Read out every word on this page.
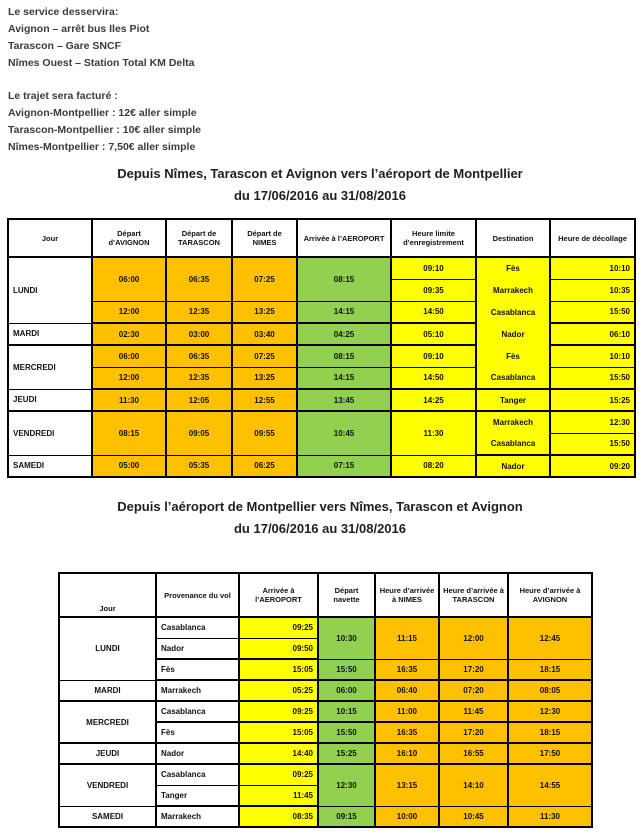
Le service desservira:

Avignon – arrêt bus Iles Piot

Tarascon – Gare SNCF

Nîmes Ouest – Station Total KM Delta

Le trajet sera facturé :

Avignon-Montpellier : 12€ aller simple

Tarascon-Montpellier : 10€ aller simple

Nîmes-Montpellier : 7,50€ aller simple

Depuis Nîmes, Tarascon et Avignon vers l’aéroport de Montpellier
du 17/06/2016 au 31/08/2016
Jour	Départ d’AVIGNON	Départ de TARASCON	Départ de NIMES	Arrivée à l’AEROPORT	Heure limite d’enregistrement	Destination	Heure de décollage
LUNDI	06:00	06:35	07:25	08:15	09:10	Fès	10:10
					09:35	Marrakech	10:35
	12:00	12:35	13:25	14:15	14:50	Casablanca	15:50
MARDI	02:30	03:00	03:40	04:25	05:10	Nador	06:10
MERCREDI	06:00	06:35	07:25	08:15	09:10	Fès	10:10
	12:00	12:35	13:25	14:15	14:50	Casablanca	15:50
JEUDI	11:30	12:05	12:55	13:45	14:25	Tanger	15:25
VENDREDI	08:15	09:05	09:55	10:45	11:30	Marrakech	12:30
						Casablanca	15:50
SAMEDI	05:00	05:35	06:25	07:15	08:20	Nador	09:20
Depuis l’aéroport de Montpellier vers Nîmes, Tarascon et Avignon
du 17/06/2016 au 31/08/2016
Jour	Provenance du vol	Arrivée à l’AEROPORT	Départ navette	Heure d’arrivée à NIMES	Heure d’arrivée à TARASCON	Heure d’arrivée à AVIGNON
LUNDI	Casablanca	09:25	10:30	11:15	12:00	12:45
	Nador	09:50				
	Fès	15:05	15:50	16:35	17:20	18:15
MARDI	Marrakech	05:25	06:00	06:40	07:20	08:05
MERCREDI	Casablanca	09:25	10:15	11:00	11:45	12:30
	Fès	15:05	15:50	16:35	17:20	18:15
JEUDI	Nador	14:40	15:25	16:10	16:55	17:50
VENDREDI	Casablanca	09:25	12:30	13:15	14:10	14:55
	Tanger	11:45				
SAMEDI	Marrakech	08:35	09:15	10:00	10:45	11:30
